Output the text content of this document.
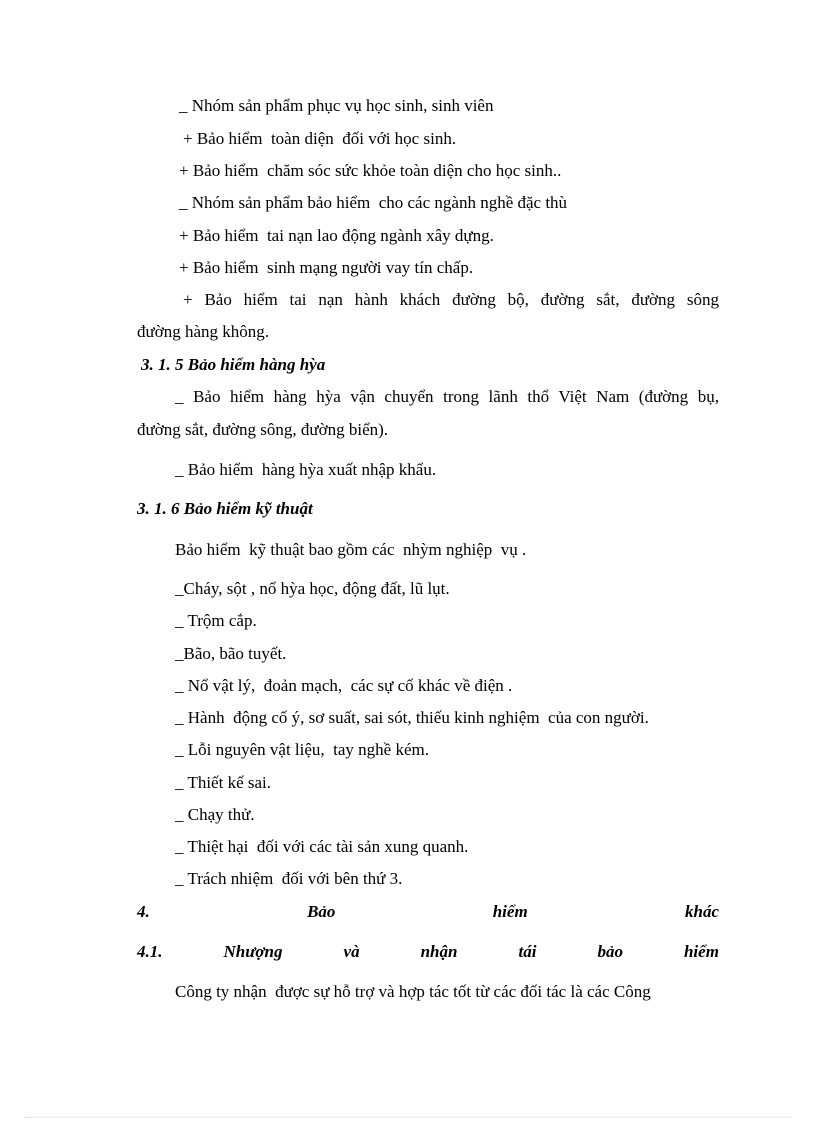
_ Nhóm sản phẩm phục vụ học sinh, sinh viên
+ Bảo hiểm  toàn diện  đối với học sinh.
+ Bảo hiểm  chăm sóc sức khỏe toàn diện cho học sinh..
_ Nhóm sản phẩm bảo hiểm  cho các ngành nghề đặc thù
+ Bảo hiểm  tai nạn lao động ngành xây dựng.
+ Bảo hiểm  sinh mạng người vay tín chấp.
+ Bảo hiểm tai nạn hành khách đường bộ, đường sắt, đường sông
đường hàng không.
3. 1. 5 Bảo hiểm hàng hỳa
_ Bảo hiểm hàng hỳa vận chuyển trong lãnh thổ Việt Nam (đường bụ,
đường sắt, đường sông, đường biển).
_ Bảo hiểm  hàng hỳa xuất nhập khẩu.
3. 1. 6 Bảo hiểm kỹ thuật
Bảo hiểm  kỹ thuật bao gồm các  nhỳm nghiệp  vụ .
_Cháy, sột , nổ hỳa học, động đất, lũ lụt.
_ Trộm cắp.
_Bão, bão tuyết.
_ Nổ vật lý,  đoản mạch,  các sự cố khác về điện .
_ Hành  động cố ý, sơ suất, sai sót, thiếu kinh nghiệm  của con người.
_ Lỗi nguyên vật liệu,  tay nghề kém.
_ Thiết kế sai.
_ Chạy thử.
_ Thiệt hại  đối với các tài sản xung quanh.
_ Trách nhiệm  đối với bên thứ 3.
4.	Bảo	hiểm	khác
4.1.	Nhượng	và	nhận	tái	bảo	hiểm
Công ty nhận  được sự hỗ trợ và hợp tác tốt từ các đối tác là các Công
